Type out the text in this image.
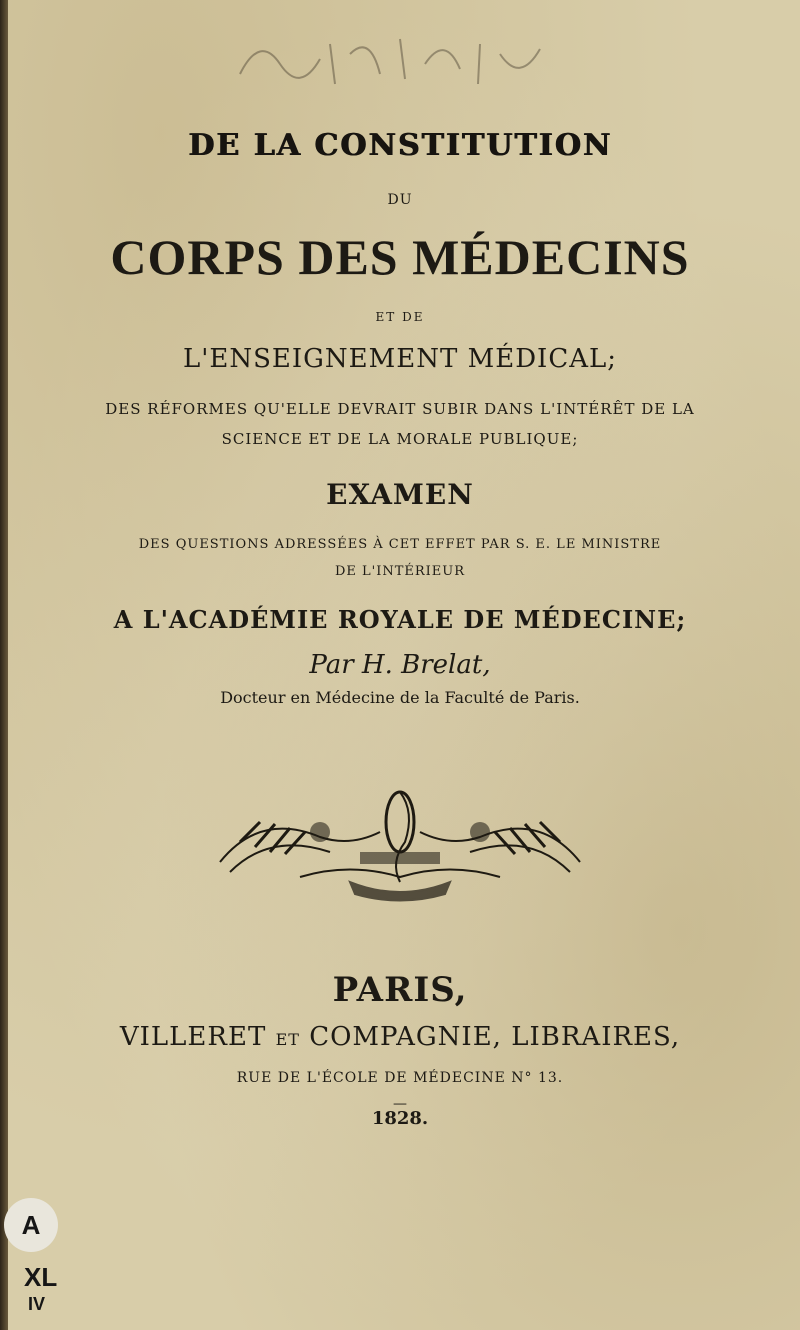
DE LA CONSTITUTION
DU
CORPS DES MÉDECINS
ET DE
L'ENSEIGNEMENT MÉDICAL;
DES RÉFORMES QU'ELLE DEVRAIT SUBIR DANS L'INTÉRÊT DE LA
SCIENCE ET DE LA MORALE PUBLIQUE;
EXAMEN
DES QUESTIONS ADRESSÉES À CET EFFET PAR S. E. LE MINISTRE
DE L'INTÉRIEUR
A L'ACADÉMIE ROYALE DE MÉDECINE;
Par H. Brelat,
Docteur en Médecine de la Faculté de Paris.
PARIS,
VILLERET ET COMPAGNIE, LIBRAIRES,
RUE DE L'ÉCOLE DE MÉDECINE N° 13.
—
1828.
A
XL
IV
